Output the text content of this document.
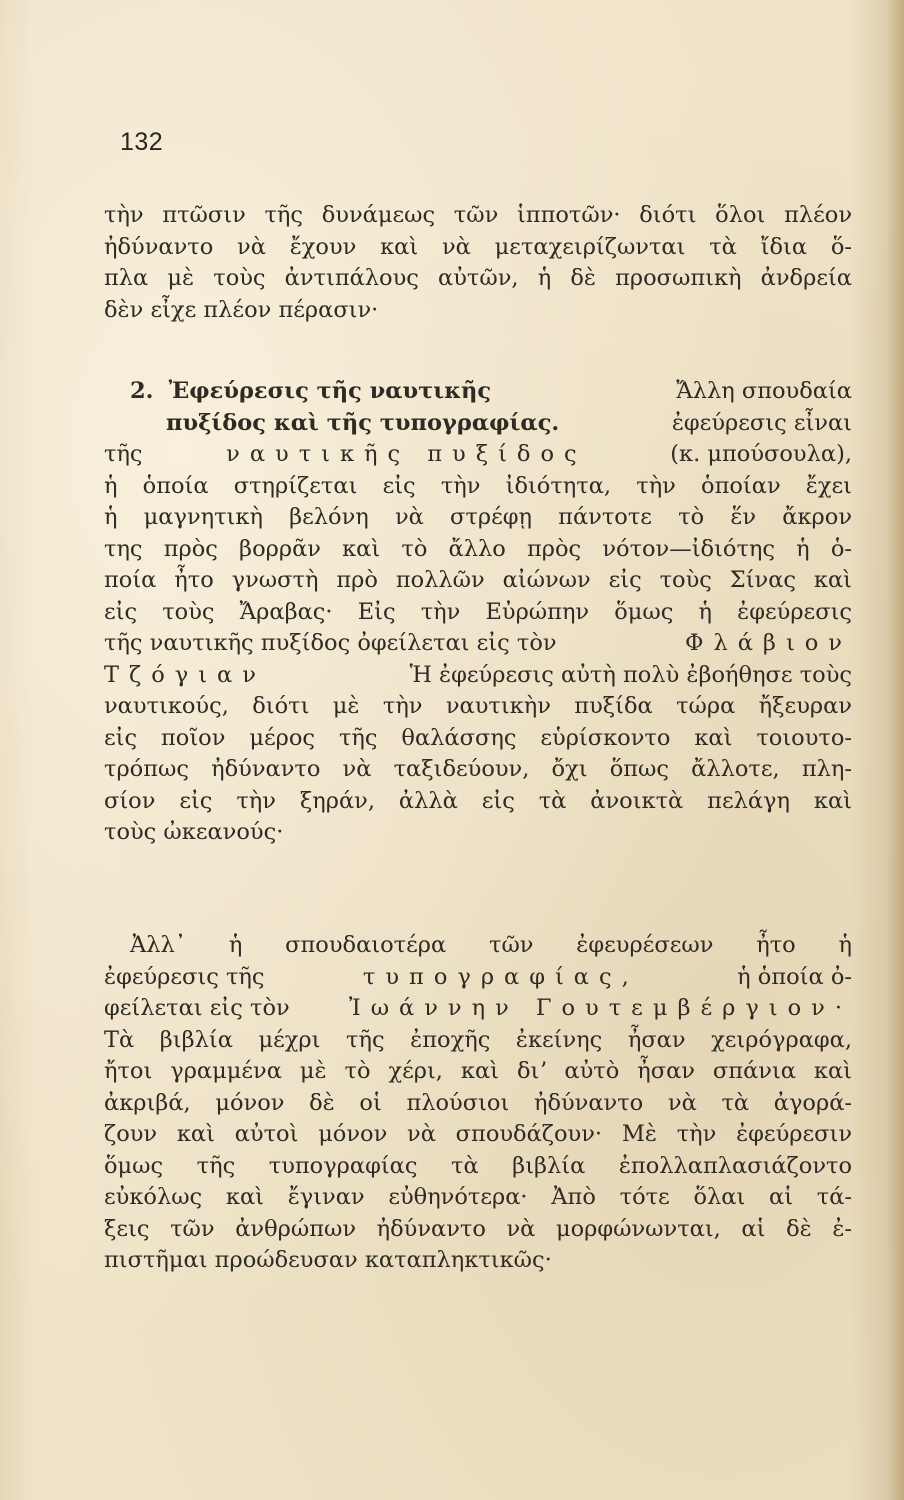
132
τὴν πτῶσιν τῆς δυνάμεως τῶν ἱπποτῶν· διότι ὅλοι πλέον
ἠδύναντο νὰ ἔχουν καὶ νὰ μεταχειρίζωνται τὰ ἴδια ὅ-
πλα μὲ τοὺς ἀντιπάλους αὐτῶν, ἡ δὲ προσωπικὴ ἀνδρεία
δὲν εἶχε πλέον πέρασιν·
2. Ἐφεύρεσις τῆς ναυτικῆς	Ἄλλη σπουδαία
πυξίδος καὶ τῆς τυπογραφίας.	ἐφεύρεσις εἶναι
τῆς	ναυτικῆς πυξίδος	(κ. μπούσουλα),
ἡ ὁποία στηρίζεται εἰς τὴν ἰδιότητα, τὴν ὁποίαν ἔχει
ἡ μαγνητικὴ βελόνη νὰ στρέφῃ πάντοτε τὸ ἕν ἄκρον
της πρὸς βορρᾶν καὶ τὸ ἄλλο πρὸς νότον—ἰδιότης ἡ ὁ-
ποία ἦτο γνωστὴ πρὸ πολλῶν αἰώνων εἰς τοὺς Σίνας καὶ
εἰς τοὺς Ἄραβας· Εἰς τὴν Εὐρώπην ὅμως ἡ ἐφεύρεσις
τῆς ναυτικῆς πυξίδος ὀφείλεται εἰς τὸν	Φλάβιον
Τζόγιαν	Ἡ ἐφεύρεσις αὐτὴ πολὺ ἐβοήθησε τοὺς
ναυτικούς, διότι μὲ τὴν ναυτικὴν πυξίδα τώρα ἤξευραν
εἰς ποῖον μέρος τῆς θαλάσσης εὑρίσκοντο καὶ τοιουτο-
τρόπως ἠδύναντο νὰ ταξιδεύουν, ὄχι ὅπως ἄλλοτε, πλη-
σίον εἰς τὴν ξηράν, ἀλλὰ εἰς τὰ ἀνοικτὰ πελάγη καὶ
τοὺς ὠκεανούς·
Ἀλλ᾽ ἡ σπουδαιοτέρα τῶν ἐφευρέσεων ἦτο ἡ
ἐφεύρεσις τῆς	τυπογραφίας,	ἡ ὁποία ὀ-
φείλεται εἰς τὸν	Ἰωάννην Γουτεμβέργιον·
Τὰ βιβλία μέχρι τῆς ἐποχῆς ἐκείνης ἦσαν χειρόγραφα,
ἤτοι γραμμένα μὲ τὸ χέρι, καὶ διʼ αὐτὸ ἦσαν σπάνια καὶ
ἀκριβά, μόνον δὲ οἱ πλούσιοι ἠδύναντο νὰ τὰ ἀγορά-
ζουν καὶ αὐτοὶ μόνον νὰ σπουδάζουν· Μὲ τὴν ἐφεύρεσιν
ὅμως τῆς τυπογραφίας τὰ βιβλία ἐπολλαπλασιάζοντο
εὐκόλως καὶ ἔγιναν εὐθηνότερα· Ἀπὸ τότε ὅλαι αἱ τά-
ξεις τῶν ἀνθρώπων ἠδύναντο νὰ μορφώνωνται, αἱ δὲ ἐ-
πιστῆμαι προώδευσαν καταπληκτικῶς·
